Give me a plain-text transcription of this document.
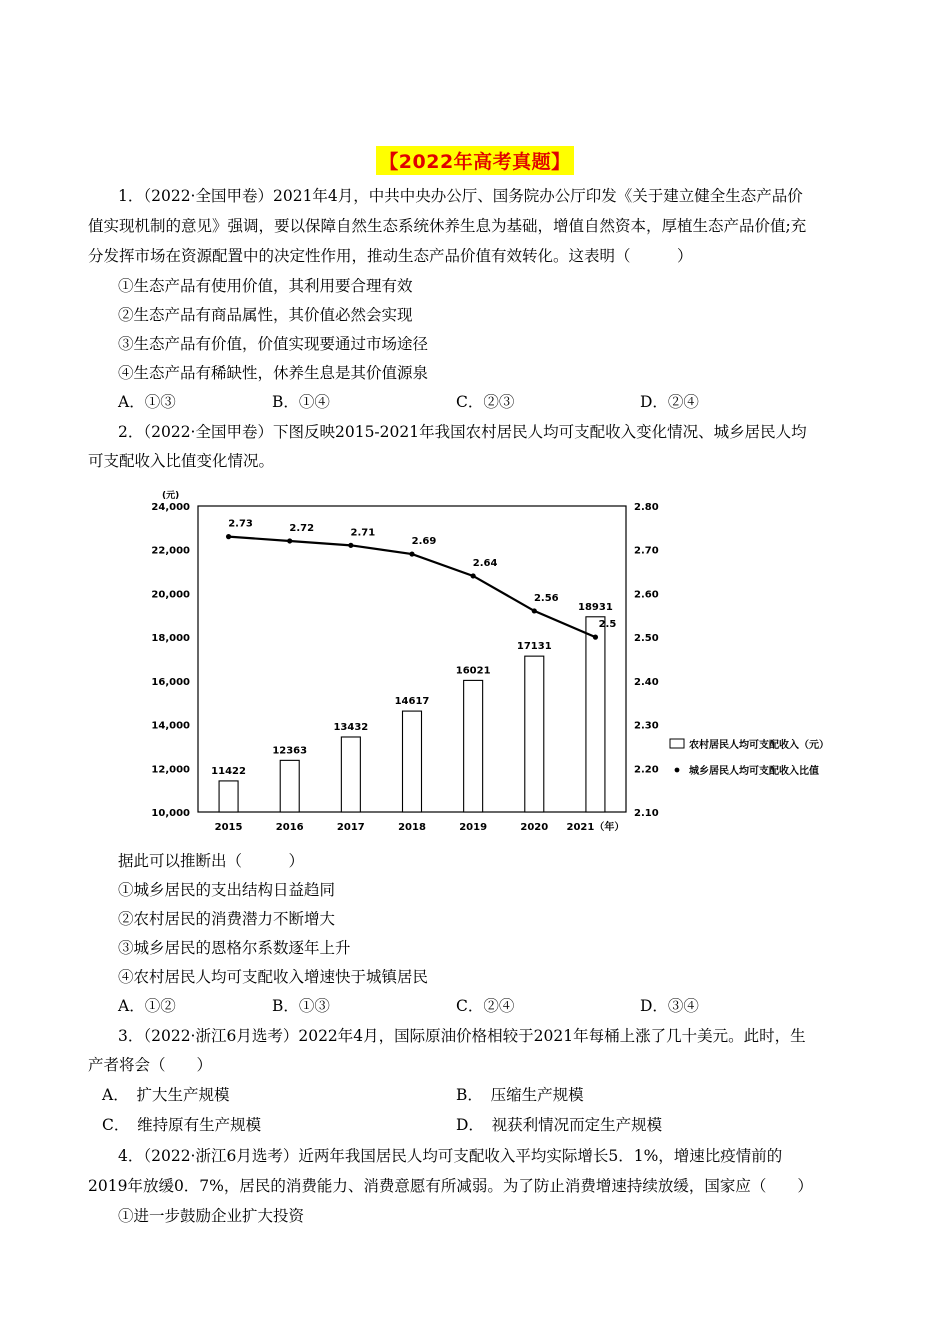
【2022年高考真题】
1．（2022·全国甲卷）2021年4月，中共中央办公厅、国务院办公厅印发《关于建立健全生态产品价
值实现机制的意见》强调，要以保障自然生态系统休养生息为基础，增值自然资本，厚植生态产品价值;充
分发挥市场在资源配置中的决定性作用，推动生态产品价值有效转化。这表明（　　　）
①生态产品有使用价值，其利用要合理有效
②生态产品有商品属性，其价值必然会实现
③生态产品有价值，价值实现要通过市场途径
④生态产品有稀缺性，休养生息是其价值源泉
A．①③	B．①④	C．②③	D．②④
2．（2022·全国甲卷）下图反映2015-2021年我国农村居民人均可支配收入变化情况、城乡居民人均
可支配收入比值变化情况。
10,000
12,000
14,000
16,000
18,000
20,000
22,000
24,000
(元)
2.10
2.20
2.30
2.40
2.50
2.60
2.70
2.80
2015	2016	2017	2018	2019	2020 2021（年）
11422
12363
13432
14617
16021
17131
18931
2.73	2.72	2.71
2.69
2.64
2.56
2.5
农村居民人均可支配收入（元）
城乡居民人均可支配收入比值
据此可以推断出（　　　）
①城乡居民的支出结构日益趋同
②农村居民的消费潜力不断增大
③城乡居民的恩格尔系数逐年上升
④农村居民人均可支配收入增速快于城镇居民
A．①②	B．①③	C．②④	D．③④
3．（2022·浙江6月选考）2022年4月，国际原油价格相较于2021年每桶上涨了几十美元。此时，生
产者将会（　　）
A．　扩大生产规模	B．　压缩生产规模
C．　维持原有生产规模	D．　视获利情况而定生产规模
4．（2022·浙江6月选考）近两年我国居民人均可支配收入平均实际增长5．1%，增速比疫情前的
2019年放缓0．7%，居民的消费能力、消费意愿有所减弱。为了防止消费增速持续放缓，国家应（　　）
①进一步鼓励企业扩大投资
